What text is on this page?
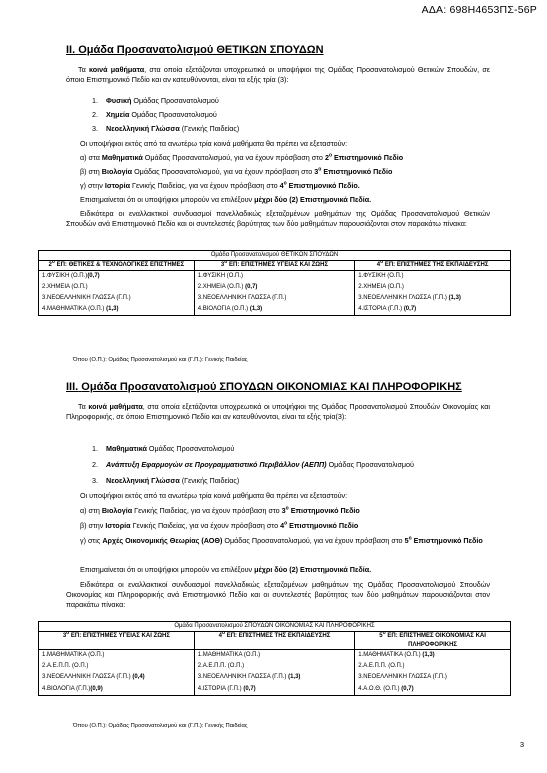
ΑΔΑ: 698Η4653ΠΣ-56Ρ
II. Ομάδα Προσανατολισμού ΘΕΤΙΚΩΝ ΣΠΟΥΔΩΝ

Τα κοινά μαθήματα, στα οποία εξετάζονται υποχρεωτικά οι υποψήφιοι της Ομάδας Προσανατολισμού Θετικών Σπουδών, σε όποιο Επιστημονικό Πεδίο και αν κατευθύνονται, είναι τα εξής τρία (3):

1. Φυσική Ομάδας Προσανατολισμού

2. Χημεία Ομάδας Προσανατολισμού

3. Νεοελληνική Γλώσσα (Γενικής Παιδείας)

Οι υποψήφιοι εκτός από τα ανωτέρω τρία κοινά μαθήματα θα πρέπει να εξεταστούν:

α) στα Μαθηματικά Ομάδας Προσανατολισμού, για να έχουν πρόσβαση στο $2^o$ Επιστημονικό Πεδίο

β) στη Βιολογία Ομάδας Προσανατολισμού, για να έχουν πρόσβαση στο $3^o$ Επιστημονικό Πεδίο

γ) στην Ιστορία Γενικής Παιδείας, για να έχουν πρόσβαση στο $4^o$ Επιστημονικό Πεδίο.

Επισημαίνεται ότι οι υποψήφιοι μπορούν να επιλέξουν μέχρι δύο (2) Επιστημονικά Πεδία.

Ειδικότερα οι εναλλακτικοί συνδυασμοί πανελλαδικώς εξεταζομένων μαθημάτων της Ομάδας Προσανατολισμού Θετικών Σπουδών ανά Επιστημονικό Πεδίο και οι συντελεστές βαρύτητας των δύο μαθημάτων παρουσιάζονται στον παρακάτω πίνακα:

Ομάδα Προσανατολισμού ΘΕΤΙΚΩΝ ΣΠΟΥΔΩΝ		
$2^o$ ΕΠ: ΘΕΤΙΚΕΣ & ΤΕΧΝΟΛΟΓΙΚΕΣ ΕΠΙΣΤΗΜΕΣ	$3^o$ ΕΠ: ΕΠΙΣΤΗΜΕΣ ΥΓΕΙΑΣ ΚΑΙ ΖΩΗΣ	$4^o$ ΕΠ: ΕΠΙΣΤΗΜΕΣ ΤΗΣ ΕΚΠΑΙΔΕΥΣΗΣ
1.ΦΥΣΙΚΗ (Ο.Π.)(0,7)
2.ΧΗΜΕΙΑ (Ο.Π.)
3.ΝΕΟΕΛΛΗΝΙΚΗ ΓΛΩΣΣΑ (Γ.Π.)
4.ΜΑΘΗΜΑΤΙΚΑ (Ο.Π.) (1,3)	1.ΦΥΣΙΚΗ (Ο.Π.)
2.ΧΗΜΕΙΑ (Ο.Π.) (0,7)
3.ΝΕΟΕΛΛΗΝΙΚΗ ΓΛΩΣΣΑ (Γ.Π.)
4.ΒΙΟΛΟΓΙΑ (Ο.Π.) (1,3)	1.ΦΥΣΙΚΗ (Ο.Π.)
2.ΧΗΜΕΙΑ (Ο.Π.)
3.ΝΕΟΕΛΛΗΝΙΚΗ ΓΛΩΣΣΑ (Γ.Π.) (1,3)
4.ΙΣΤΟΡΙΑ (Γ.Π.) (0,7)
Όπου (Ο.Π.): Ομάδας Προσανατολισμού και (Γ.Π.): Γενικής Παιδείας
III. Ομάδα Προσανατολισμού ΣΠΟΥΔΩΝ ΟΙΚΟΝΟΜΙΑΣ ΚΑΙ ΠΛΗΡΟΦΟΡΙΚΗΣ

Τα κοινά μαθήματα, στα οποία εξετάζονται υποχρεωτικά οι υποψήφιοι της Ομάδας Προσανατολισμού Σπουδών Οικονομίας και Πληροφορικής, σε όποιο Επιστημονικό Πεδίο και αν κατευθύνονται, είναι τα εξής τρία(3):

1. Μαθηματικά Ομάδας Προσανατολισμού

2. Ανάπτυξη Εφαρμογών σε Προγραμματιστικό Περιβάλλον (ΑΕΠΠ) Ομάδας Προσανατολισμού

3. Νεοελληνική Γλώσσα (Γενικής Παιδείας)

Οι υποψήφιοι εκτός από τα ανωτέρω τρία κοινά μαθήματα θα πρέπει να εξεταστούν:

α) στη Βιολογία Γενικής Παιδείας, για να έχουν πρόσβαση στο $3^o$ Επιστημονικό Πεδίο

β) στην Ιστορία Γενικής Παιδείας, για να έχουν πρόσβαση στο $4^o$ Επιστημονικό Πεδίο

γ) στις Αρχές Οικονομικής Θεωρίας (ΑΟΘ) Ομάδας Προσανατολισμού, για να έχουν πρόσβαση στο $5^o$ Επιστημονικό Πεδίο

Επισημαίνεται ότι οι υποψήφιοι μπορούν να επιλέξουν μέχρι δύο (2) Επιστημονικά Πεδία.

Ειδικότερα οι εναλλακτικοί συνδυασμοί πανελλαδικώς εξεταζομένων μαθημάτων της Ομάδας Προσανατολισμού Σπουδών Οικονομίας και Πληροφορικής ανά Επιστημονικό Πεδίο και οι συντελεστές βαρύτητας των δύο μαθημάτων παρουσιάζονται στον παρακάτω πίνακα:

Ομάδα Προσανατολισμού ΣΠΟΥΔΩΝ ΟΙΚΟΝΟΜΙΑΣ ΚΑΙ ΠΛΗΡΟΦΟΡΙΚΗΣ		
$3^o$ ΕΠ: ΕΠΙΣΤΗΜΕΣ ΥΓΕΙΑΣ ΚΑΙ ΖΩΗΣ	$4^o$ ΕΠ: ΕΠΙΣΤΗΜΕΣ ΤΗΣ ΕΚΠΑΙΔΕΥΣΗΣ	$5^o$ ΕΠ: ΕΠΙΣΤΗΜΕΣ ΟΙΚΟΝΟΜΙΑΣ ΚΑΙ ΠΛΗΡΟΦΟΡΙΚΗΣ
1.ΜΑΘΗΜΑΤΙΚΑ (Ο.Π.)
2.Α.Ε.Π.Π. (Ο.Π.)
3.ΝΕΟΕΛΛΗΝΙΚΗ ΓΛΩΣΣΑ (Γ.Π.) (0,4)
4.ΒΙΟΛΟΓΙΑ (Γ.Π.)(0,9)	1.ΜΑΘΗΜΑΤΙΚΑ (Ο.Π.)
2.Α.Ε.Π.Π. (Ο.Π.)
3.ΝΕΟΕΛΛΗΝΙΚΗ ΓΛΩΣΣΑ (Γ.Π.) (1,3)
4.ΙΣΤΟΡΙΑ (Γ.Π.) (0,7)	1.ΜΑΘΗΜΑΤΙΚΑ (Ο.Π.) (1,3)
2.Α.Ε.Π.Π. (Ο.Π.)
3.ΝΕΟΕΛΛΗΝΙΚΗ ΓΛΩΣΣΑ (Γ.Π.)
4.Α.Ο.Θ. (Ο.Π.) (0,7)
Όπου (Ο.Π.): Ομάδας Προσανατολισμού και (Γ.Π.): Γενικής Παιδείας
3
